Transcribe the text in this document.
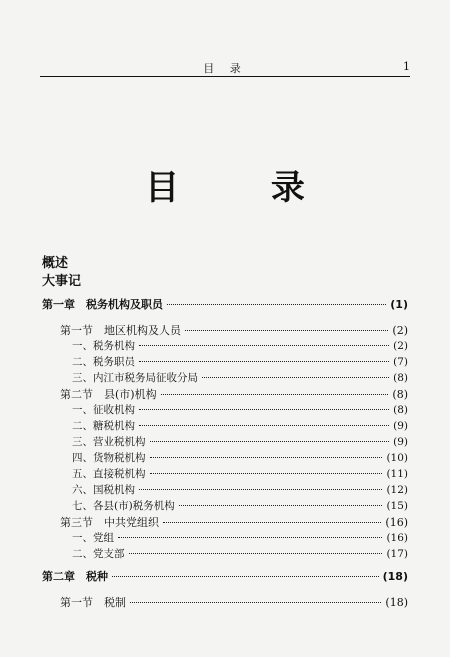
目 录	1
目 录
概述
大事记
第一章　税务机构及职员	(1)
第一节　地区机构及人员	(2)
一、税务机构	(2)
二、税务职员	(7)
三、内江市税务局征收分局	(8)
第二节　县(市)机构	(8)
一、征收机构	(8)
二、糖税机构	(9)
三、营业税机构	(9)
四、货物税机构	(10)
五、直接税机构	(11)
六、国税机构	(12)
七、各县(市)税务机构	(15)
第三节　中共党组织	(16)
一、党组	(16)
二、党支部	(17)
第二章　税种	(18)
第一节　税制	(18)
